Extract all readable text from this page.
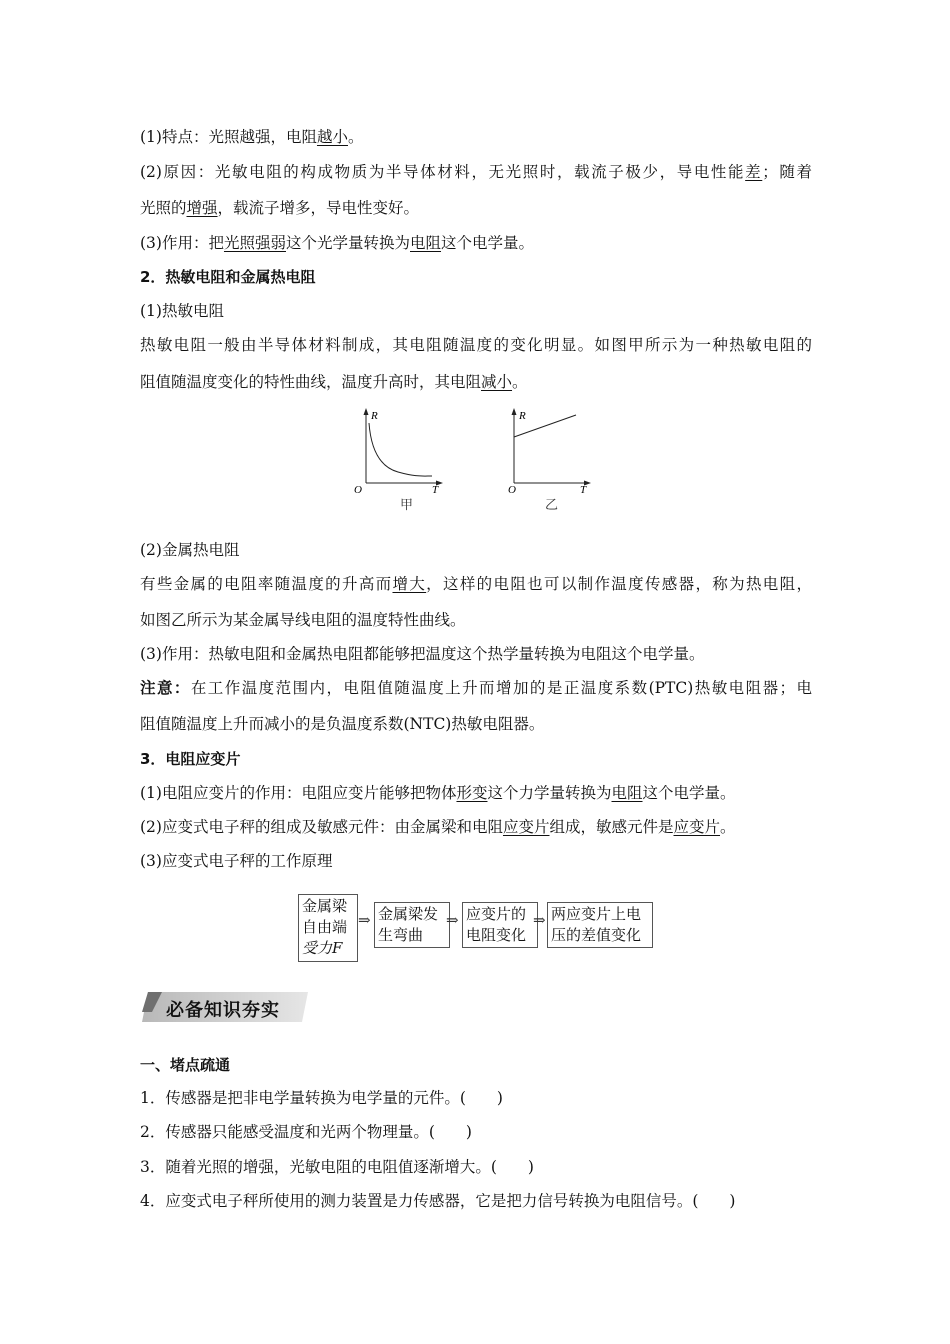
(1)特点：光照越强，电阻越小。
(2)原因：光敏电阻的构成物质为半导体材料，无光照时，载流子极少，导电性能差；随着
光照的增强，载流子增多，导电性变好。
(3)作用：把光照强弱这个光学量转换为电阻这个电学量。
2．热敏电阻和金属热电阻
(1)热敏电阻
热敏电阻一般由半导体材料制成，其电阻随温度的变化明显。如图甲所示为一种热敏电阻的
阻值随温度变化的特性曲线，温度升高时，其电阻减小。
R
O	T
甲
R
O	T
乙
(2)金属热电阻
有些金属的电阻率随温度的升高而增大，这样的电阻也可以制作温度传感器，称为热电阻，
如图乙所示为某金属导线电阻的温度特性曲线。
(3)作用：热敏电阻和金属热电阻都能够把温度这个热学量转换为电阻这个电学量。
注意：在工作温度范围内，电阻值随温度上升而增加的是正温度系数(PTC)热敏电阻器；电
阻值随温度上升而减小的是负温度系数(NTC)热敏电阻器。
3．电阻应变片
(1)电阻应变片的作用：电阻应变片能够把物体形变这个力学量转换为电阻这个电学量。
(2)应变式电子秤的组成及敏感元件：由金属梁和电阻应变片组成，敏感元件是应变片。
(3)应变式电子秤的工作原理
金属梁
自由端
受力F
⇒ 金属梁发
生弯曲
⇒ 应变片的
电阻变化
⇒ 两应变片上电
压的差值变化
必备知识夯实
一、堵点疏通
1．传感器是把非电学量转换为电学量的元件。(　　)
2．传感器只能感受温度和光两个物理量。(　　)
3．随着光照的增强，光敏电阻的电阻值逐渐增大。(　　)
4．应变式电子秤所使用的测力装置是力传感器，它是把力信号转换为电阻信号。(　　)
